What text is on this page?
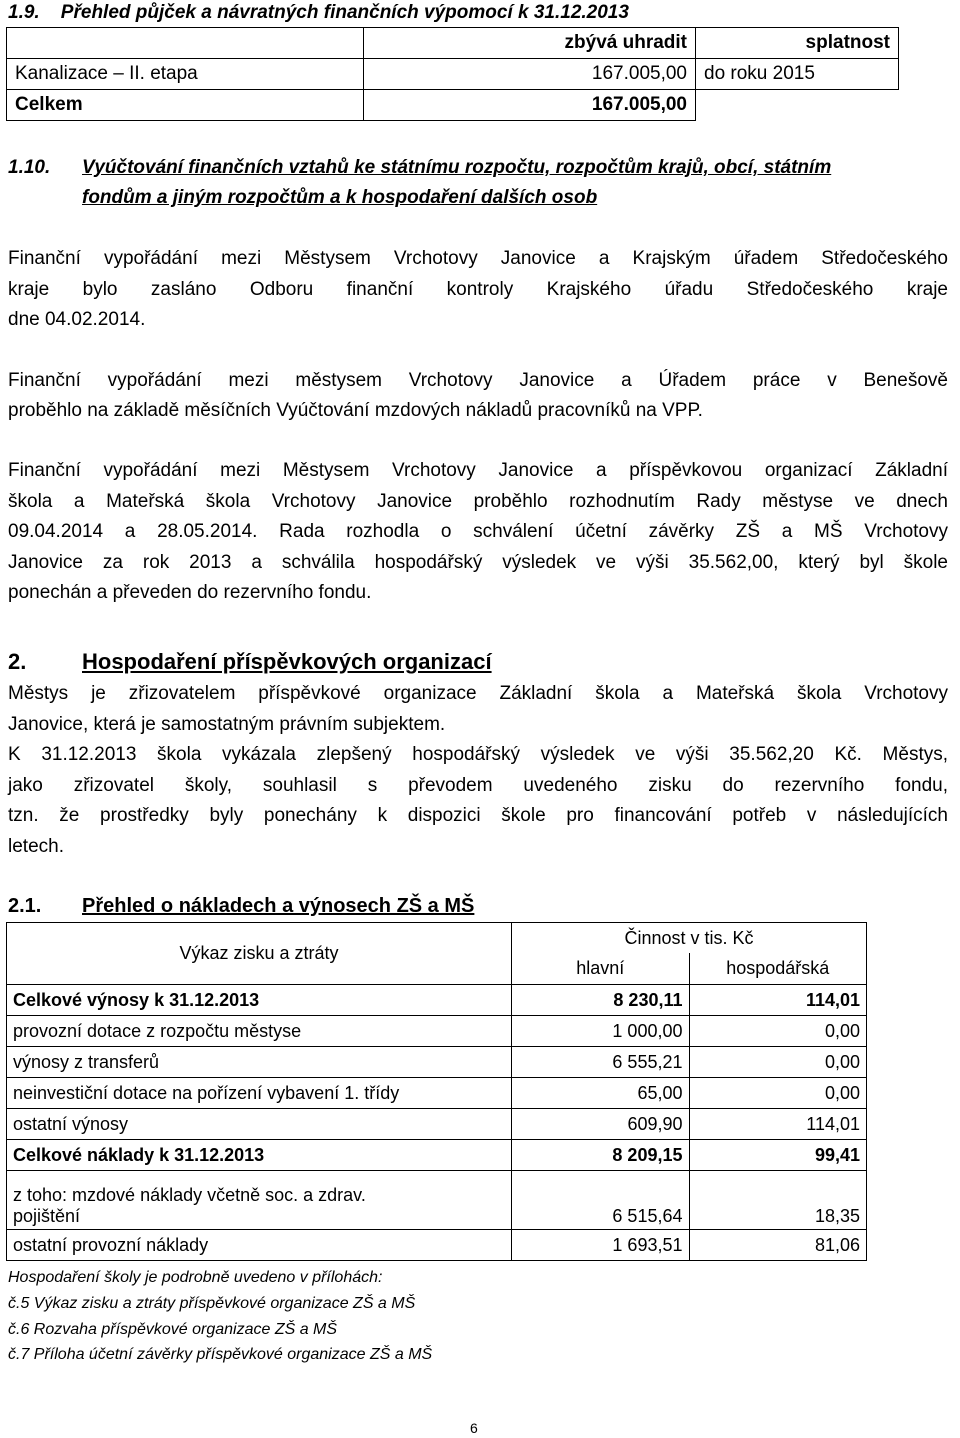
1.9.    Přehled půjček a návratných finančních výpomocí k 31.12.2013
	zbývá uhradit	splatnost
Kanalizace – II. etapa	167.005,00	do roku 2015
Celkem	167.005,00	
1.10. Vyúčtování finančních vztahů ke státnímu rozpočtu, rozpočtům krajů, obcí, státním
fondům a jiným rozpočtům a k hospodaření dalších osob
Finanční vypořádání mezi Městysem Vrchotovy Janovice a Krajským úřadem Středočeského
kraje bylo zasláno Odboru finanční kontroly Krajského úřadu Středočeského kraje
dne 04.02.2014.
Finanční vypořádání mezi městysem Vrchotovy Janovice a Úřadem práce v Benešově
proběhlo na základě měsíčních Vyúčtování mzdových nákladů pracovníků na VPP.
Finanční vypořádání mezi Městysem Vrchotovy Janovice a příspěvkovou organizací Základní
škola a Mateřská škola Vrchotovy Janovice proběhlo rozhodnutím Rady městyse ve dnech
09.04.2014 a 28.05.2014. Rada rozhodla o schválení účetní závěrky ZŠ a MŠ Vrchotovy
Janovice za rok 2013 a schválila hospodářský výsledek ve výši 35.562,00, který byl škole
ponechán a převeden do rezervního fondu.
2.	Hospodaření příspěvkových organizací
Městys je zřizovatelem příspěvkové organizace Základní škola a Mateřská škola Vrchotovy
Janovice, která je samostatným právním subjektem.
K 31.12.2013 škola vykázala zlepšený hospodářský výsledek ve výši 35.562,20 Kč. Městys,
jako zřizovatel školy, souhlasil s převodem uvedeného zisku do rezervního fondu,
tzn. že prostředky byly ponechány k dispozici škole pro financování potřeb v následujících
letech.
2.1. Přehled o nákladech a výnosech ZŠ a MŠ
Výkaz zisku a ztráty	Činnost v tis. Kč	
	hlavní	hospodářská
Celkové výnosy k 31.12.2013	8 230,11	114,01
provozní dotace z rozpočtu městyse	1 000,00	0,00
výnosy z transferů	6 555,21	0,00
neinvestiční dotace na pořízení vybavení 1. třídy	65,00	0,00
ostatní výnosy	609,90	114,01
Celkové náklady k 31.12.2013	8 209,15	99,41

z toho: mzdové náklady včetně soc. a zdrav.
pojištění	6 515,64	18,35
ostatní provozní náklady	1 693,51	81,06
Hospodaření školy je podrobně uvedeno v přílohách:
č.5 Výkaz zisku a ztráty příspěvkové organizace ZŠ a MŠ
č.6 Rozvaha příspěvkové organizace ZŠ a MŠ
č.7 Příloha účetní závěrky příspěvkové organizace ZŠ a MŠ
6
